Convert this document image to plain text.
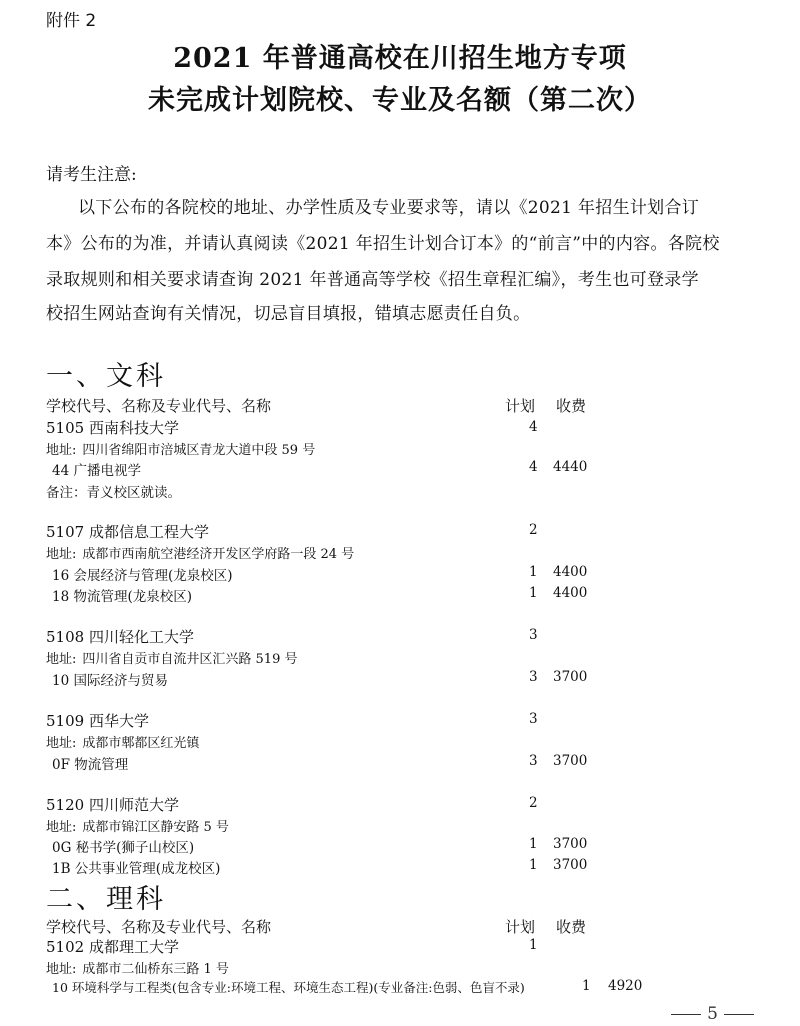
附件 2
2021 年普通高校在川招生地方专项
未完成计划院校、专业及名额（第二次）
请考生注意:
以下公布的各院校的地址、办学性质及专业要求等，请以《2021 年招生计划合订
本》公布的为准，并请认真阅读《2021 年招生计划合订本》的“前言”中的内容。各院校
录取规则和相关要求请查询 2021 年普通高等学校《招生章程汇编》，考生也可登录学
校招生网站查询有关情况，切忌盲目填报，错填志愿责任自负。
一、文科
学校代号、名称及专业代号、名称	计划 收费
5105 西南科技大学	4
地址: 四川省绵阳市涪城区青龙大道中段 59 号
44 广播电视学	4 4440
备注：青义校区就读。
5107 成都信息工程大学	2
地址: 成都市西南航空港经济开发区学府路一段 24 号
16 会展经济与管理(龙泉校区)	1 4400
18 物流管理(龙泉校区)	1 4400
5108 四川轻化工大学	3
地址: 四川省自贡市自流井区汇兴路 519 号
10 国际经济与贸易	3 3700
5109 西华大学	3
地址: 成都市郫都区红光镇
0F 物流管理	3 3700
5120 四川师范大学	2
地址: 成都市锦江区静安路 5 号
0G 秘书学(狮子山校区)	1 3700
1B 公共事业管理(成龙校区)	1 3700
二、理科
学校代号、名称及专业代号、名称	计划 收费
5102 成都理工大学	1
地址: 成都市二仙桥东三路 1 号
10 环境科学与工程类(包含专业:环境工程、环境生态工程)(专业备注:色弱、色盲不录)	1 4920
5
